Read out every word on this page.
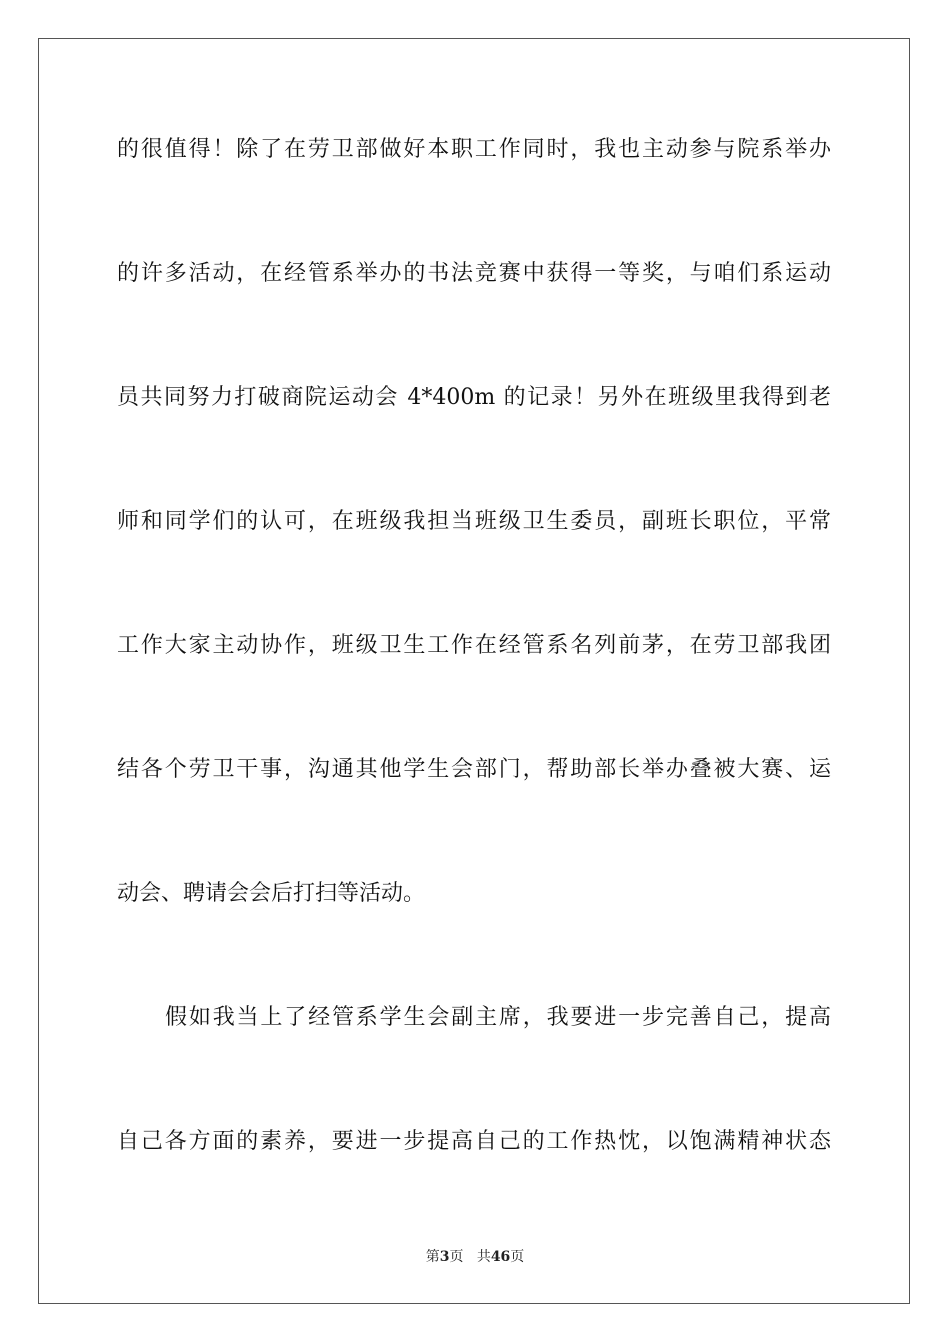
的很值得！除了在劳卫部做好本职工作同时，我也主动参与院系举办
的许多活动，在经管系举办的书法竞赛中获得一等奖，与咱们系运动
员共同努力打破商院运动会 4*400m 的记录！另外在班级里我得到老
师和同学们的认可，在班级我担当班级卫生委员，副班长职位，平常
工作大家主动协作，班级卫生工作在经管系名列前茅，在劳卫部我团
结各个劳卫干事，沟通其他学生会部门，帮助部长举办叠被大赛、运
动会、聘请会会后打扫等活动。
假如我当上了经管系学生会副主席，我要进一步完善自己，提高
自己各方面的素养，要进一步提高自己的工作热忱，以饱满精神状态
第3页 共46页
